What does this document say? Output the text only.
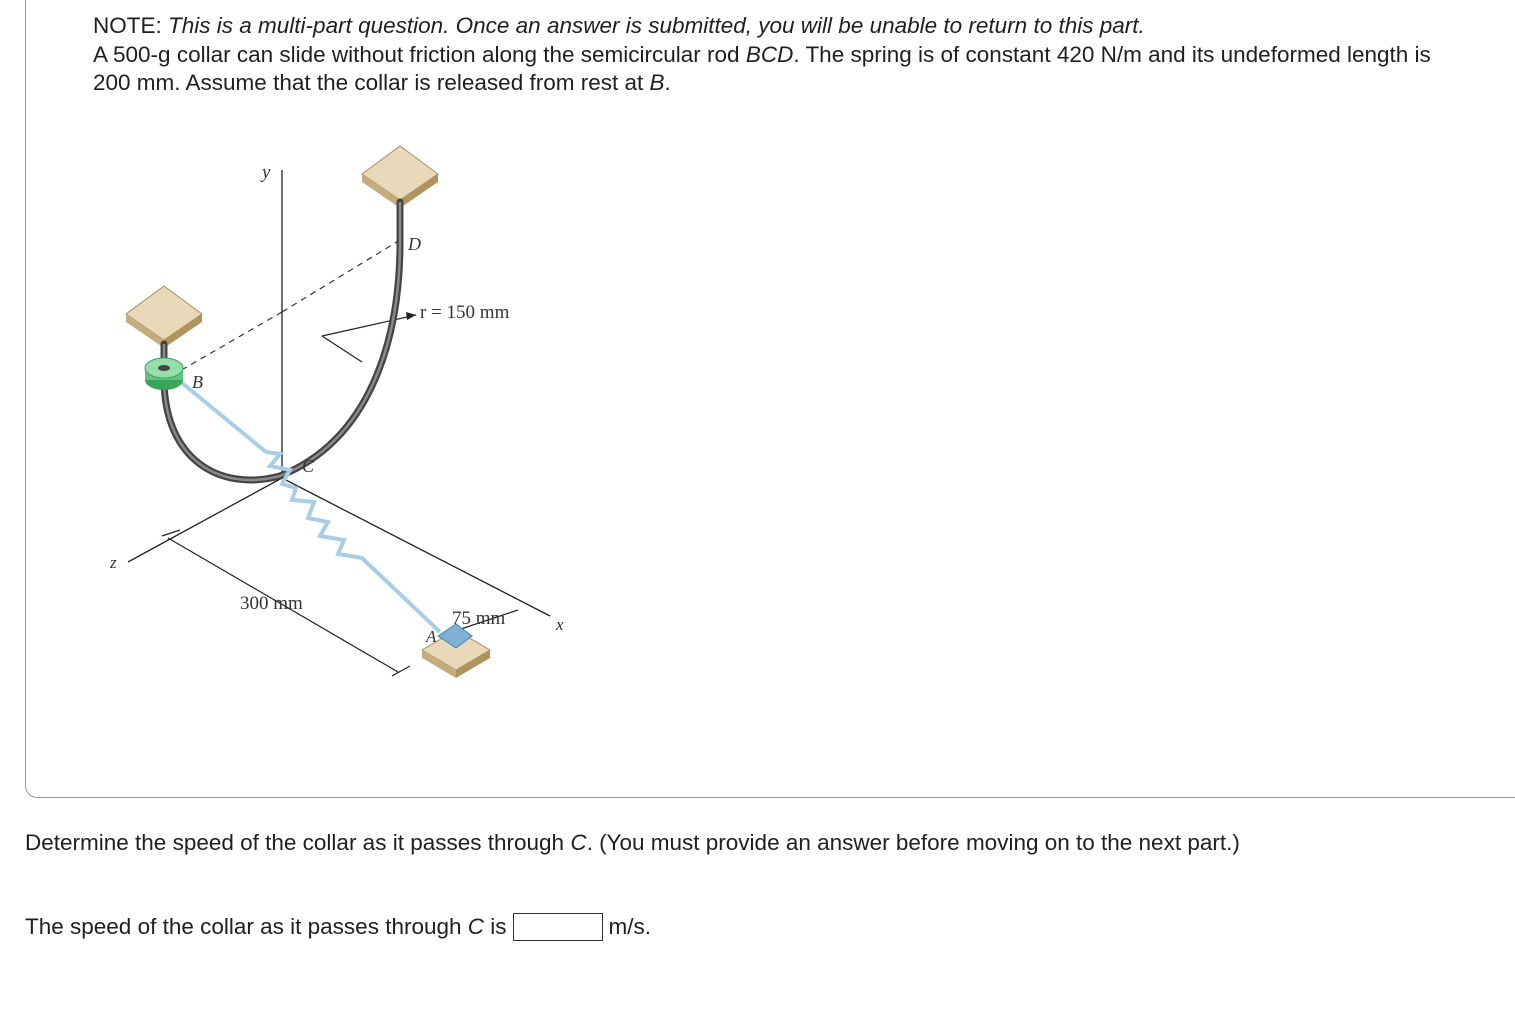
NOTE: This is a multi-part question. Once an answer is submitted, you will be unable to return to this part.

A 500-g collar can slide without friction along the semicircular rod BCD. The spring is of constant 420 N/m and its undeformed length is 200 mm. Assume that the collar is released from rest at B.

y
z
x
B
C
D
A
r = 150 mm
300 mm
75 mm

Determine the speed of the collar as it passes through C. (You must provide an answer before moving on to the next part.)

The speed of the collar as it passes through C is	m/s.
